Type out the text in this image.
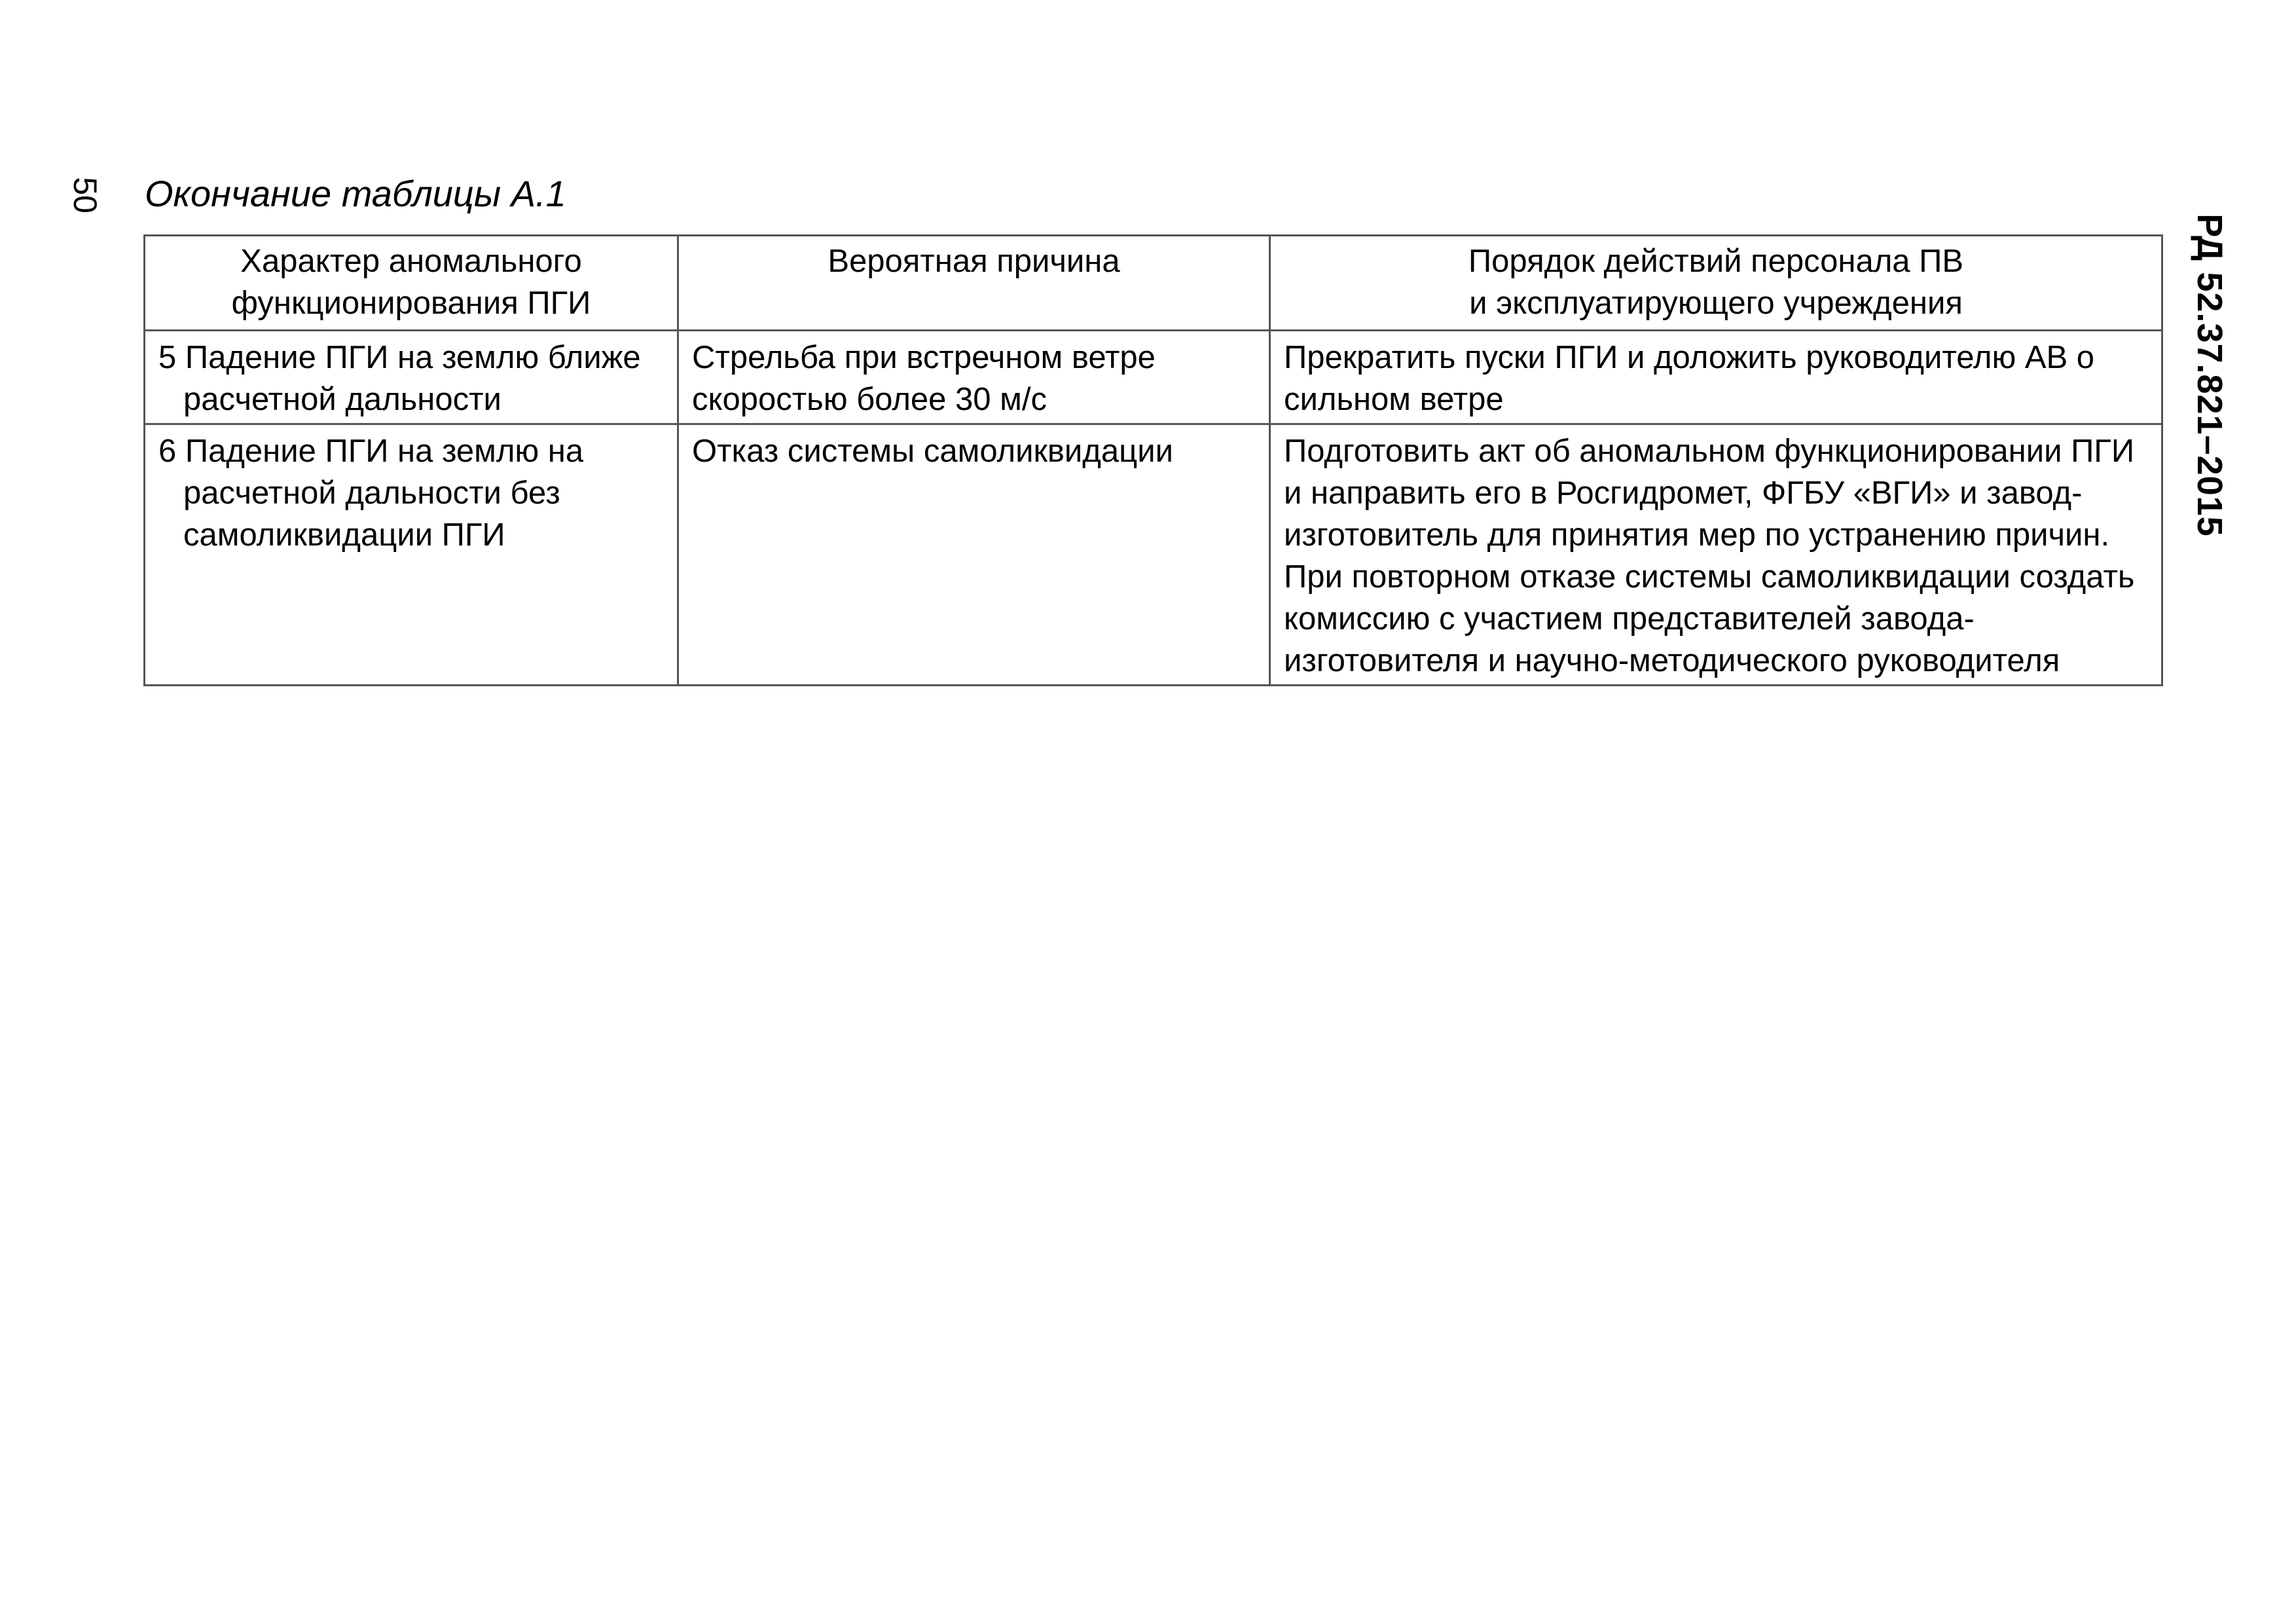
50 Окончание таблицы А.1
РД 52.37.821–2015
Характер аномального
функционирования ПГИ	Вероятная причина	Порядок действий персонала ПВ
и эксплуатирующего учреждения
5 Падение ПГИ на землю ближе расчетной дальности	Стрельба при встречном ветре скоростью более 30 м/с	Прекратить пуски ПГИ и доложить руководителю АВ о сильном ветре
6 Падение ПГИ на землю на расчетной дальности без самоликвидации ПГИ	Отказ системы самоликвидации	Подготовить акт об аномальном функционировании ПГИ и направить его в Росгидромет, ФГБУ «ВГИ» и завод-изготовитель для принятия мер по устранению причин.
При повторном отказе системы самоликвидации создать комиссию с участием представителей завода-изготовителя и научно-методического руководителя
